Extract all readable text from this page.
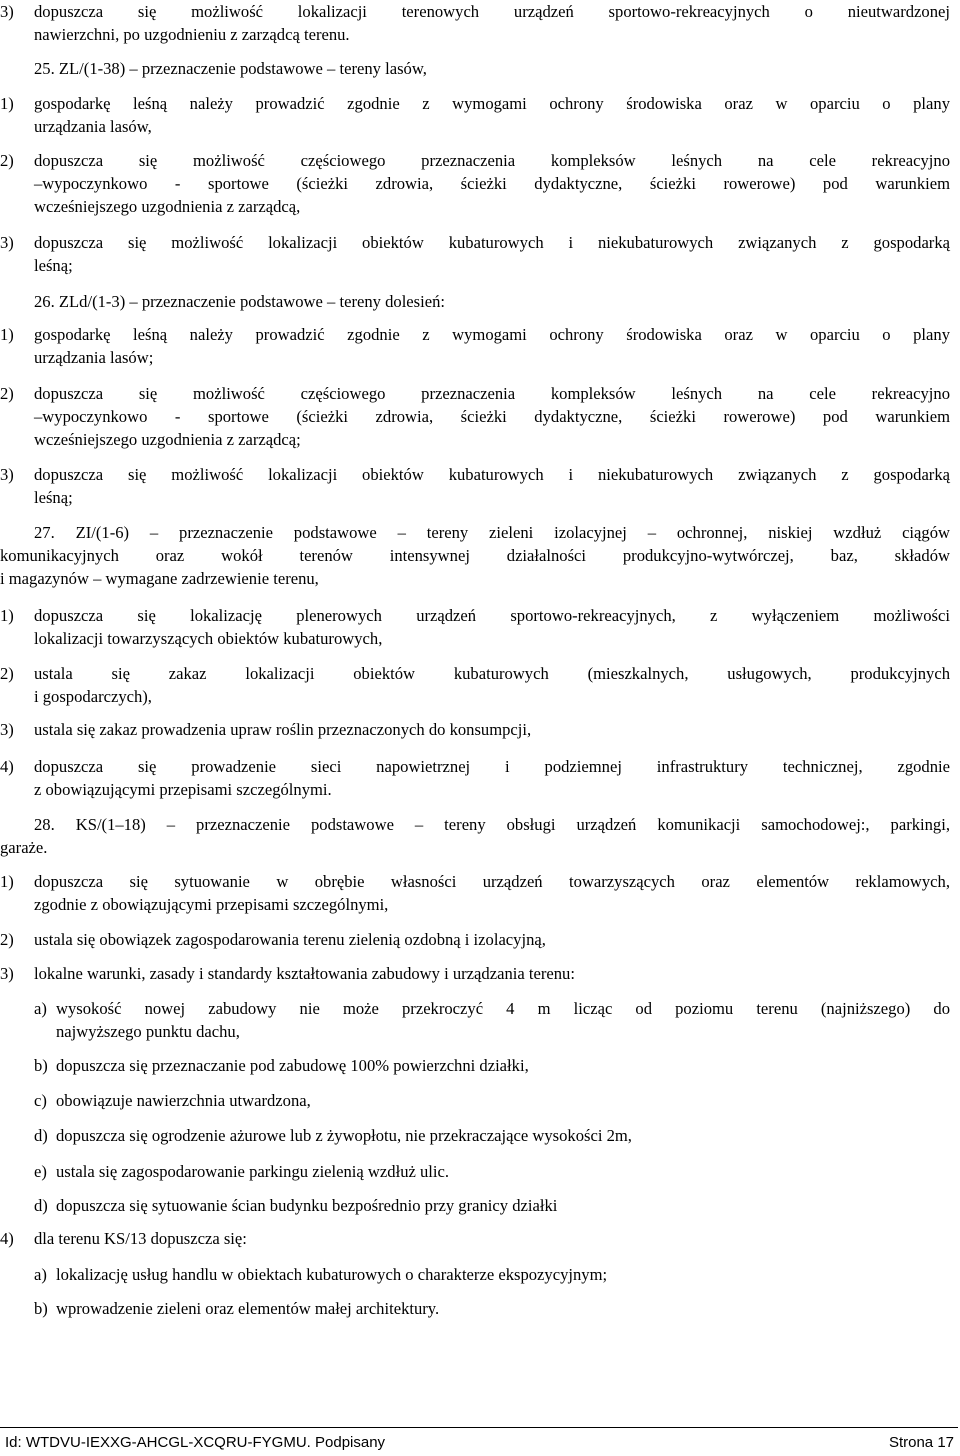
3) dopuszcza się możliwość lokalizacji terenowych urządzeń sportowo-rekreacyjnych o nieutwardzonej
nawierzchni, po uzgodnieniu z zarządcą terenu.
25. ZL/(1-38) – przeznaczenie podstawowe – tereny lasów,
1) gospodarkę leśną należy prowadzić zgodnie z wymogami ochrony środowiska oraz w oparciu o plany
urządzania lasów,
2) dopuszcza się możliwość częściowego przeznaczenia kompleksów leśnych na cele rekreacyjno
–wypoczynkowo - sportowe (ścieżki zdrowia, ścieżki dydaktyczne, ścieżki rowerowe) pod warunkiem
wcześniejszego uzgodnienia z zarządcą,
3) dopuszcza się możliwość lokalizacji obiektów kubaturowych i niekubaturowych związanych z gospodarką
leśną;
26. ZLd/(1-3) – przeznaczenie podstawowe – tereny dolesień:
1) gospodarkę leśną należy prowadzić zgodnie z wymogami ochrony środowiska oraz w oparciu o plany
urządzania lasów;
2) dopuszcza się możliwość częściowego przeznaczenia kompleksów leśnych na cele rekreacyjno
–wypoczynkowo - sportowe (ścieżki zdrowia, ścieżki dydaktyczne, ścieżki rowerowe) pod warunkiem
wcześniejszego uzgodnienia z zarządcą;
3) dopuszcza się możliwość lokalizacji obiektów kubaturowych i niekubaturowych związanych z gospodarką
leśną;
27. ZI/(1-6) – przeznaczenie podstawowe – tereny zieleni izolacyjnej – ochronnej, niskiej wzdłuż ciągów
komunikacyjnych oraz wokół terenów intensywnej działalności produkcyjno-wytwórczej, baz, składów
i magazynów – wymagane zadrzewienie terenu,
1) dopuszcza się lokalizację plenerowych urządzeń sportowo-rekreacyjnych, z wyłączeniem możliwości
lokalizacji towarzyszących obiektów kubaturowych,
2) ustala się zakaz lokalizacji obiektów kubaturowych (mieszkalnych, usługowych, produkcyjnych
i gospodarczych),
3) ustala się zakaz prowadzenia upraw roślin przeznaczonych do konsumpcji,
4) dopuszcza się prowadzenie sieci napowietrznej i podziemnej infrastruktury technicznej, zgodnie
z obowiązującymi przepisami szczególnymi.
28. KS/(1–18) – przeznaczenie podstawowe – tereny obsługi urządzeń komunikacji samochodowej:, parkingi,
garaże.
1) dopuszcza się sytuowanie w obrębie własności urządzeń towarzyszących oraz elementów reklamowych,
zgodnie z obowiązującymi przepisami szczególnymi,
2) ustala się obowiązek zagospodarowania terenu zielenią ozdobną i izolacyjną,
3) lokalne warunki, zasady i standardy kształtowania zabudowy i urządzania terenu:
a) wysokość nowej zabudowy nie może przekroczyć 4 m licząc od poziomu terenu (najniższego) do
najwyższego punktu dachu,
b) dopuszcza się przeznaczanie pod zabudowę 100% powierzchni działki,
c) obowiązuje nawierzchnia utwardzona,
d) dopuszcza się ogrodzenie ażurowe lub z żywopłotu, nie przekraczające wysokości 2m,
e) ustala się zagospodarowanie parkingu zielenią wzdłuż ulic.
d) dopuszcza się sytuowanie ścian budynku bezpośrednio przy granicy działki
4) dla terenu KS/13 dopuszcza się:
a) lokalizację usług handlu w obiektach kubaturowych o charakterze ekspozycyjnym;
b) wprowadzenie zieleni oraz elementów małej architektury.
Id: WTDVU-IEXXG-AHCGL-XCQRU-FYGMU. Podpisany	Strona 17
